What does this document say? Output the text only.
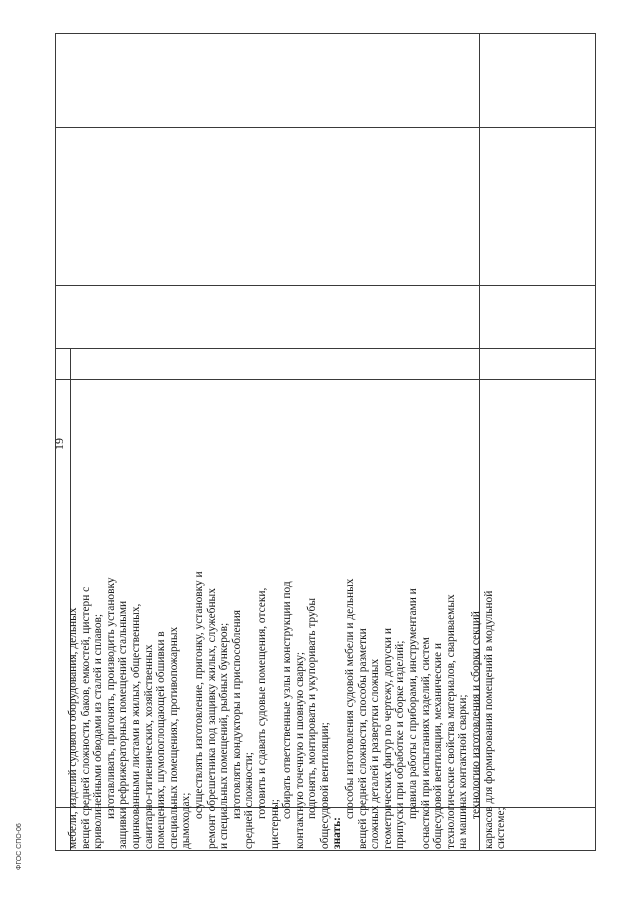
мебели, изделий судового оборудования, дельных вещей средней сложности, баков, емкостей, цистерн с криволинейными обводами из сталей и сплавов; изготавливать, пригонять, производить установку защивки рефрижераторных помещений стальными оцинкованными листами в жилых, общественных, санитарно-гигиенических, хозяйственных помещениях, шумопоглощающей обшивки в специальных помещениях, противопожарных дымоходах;
осуществлять изготовление, пригонку, установку и ремонт обрешетника под защивку жилых, служебных и специальных помещений, рыбных бункеров; изготовлять кондукторы и приспособления средней сложности; готовить и сдавать судовые помещения, отсеки,
цистерны;
собирать ответственные узлы и конструкции под контактную точечную и шовную сварку; подгонять, монтировать и укупоривать трубы общесудовой вентиляции; знать:
способы изготовления судовой мебели и дельных вещей средней сложности, способы разметки сложных деталей и развертки сложных геометрических фигур по чертежу, допуски и припуски при обработке и сборке изделий; правила работы с приборами, инструментами и оснасткой при испытаниях изделий, систем общесудовой вентиляции, механические и технологические свойства материалов, свариваемых на машинах контактной сварки; технологию изготовления и сборки секций каркасов для формирования помещений в модульной системе;
19
ФГОС СПО-06
